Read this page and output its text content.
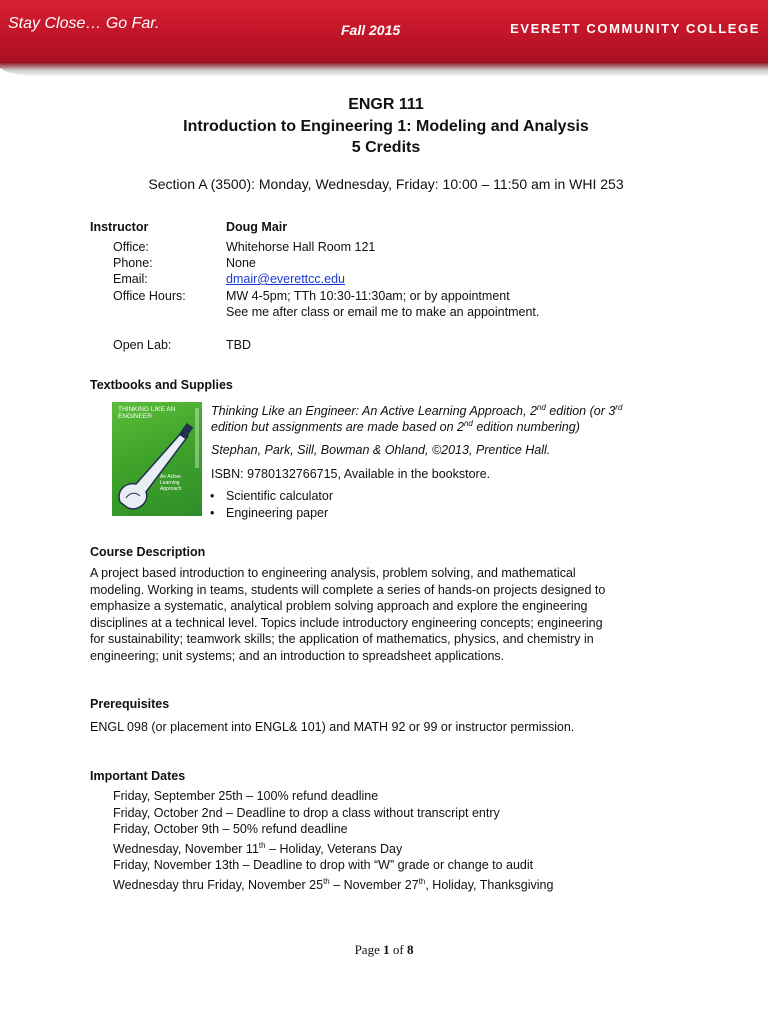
Stay Close… Go Far.	Fall 2015	EVERETT COMMUNITY COLLEGE
ENGR 111
Introduction to Engineering 1: Modeling and Analysis
5 Credits
Section A (3500): Monday, Wednesday, Friday: 10:00 – 11:50 am in WHI 253
Instructor	Doug Mair
Office:	Whitehorse Hall Room 121
Phone:	None
Email:	dmair@everettcc.edu
Office Hours:	MW 4-5pm; TTh 10:30-11:30am; or by appointment
See me after class or email me to make an appointment.
Open Lab:	TBD
Textbooks and Supplies
THINKING LIKE AN ENGINEER
An Active Learning Approach
Thinking Like an Engineer: An Active Learning Approach, 2nd edition (or 3rd
edition but assignments are made based on 2nd edition numbering)
Stephan, Park, Sill, Bowman & Ohland, ©2013, Prentice Hall.
ISBN: 9780132766715, Available in the bookstore.
• Scientific calculator
• Engineering paper
Course Description
A project based introduction to engineering analysis, problem solving, and mathematical
modeling. Working in teams, students will complete a series of hands-on projects designed to
emphasize a systematic, analytical problem solving approach and explore the engineering
disciplines at a technical level. Topics include introductory engineering concepts; engineering
for sustainability; teamwork skills; the application of mathematics, physics, and chemistry in
engineering; unit systems; and an introduction to spreadsheet applications.
Prerequisites
ENGL 098 (or placement into ENGL& 101) and MATH 92 or 99 or instructor permission.
Important Dates
Friday, September 25th – 100% refund deadline
Friday, October 2nd – Deadline to drop a class without transcript entry
Friday, October 9th – 50% refund deadline
Wednesday, November 11th – Holiday, Veterans Day
Friday, November 13th – Deadline to drop with “W” grade or change to audit
Wednesday thru Friday, November 25th – November 27th, Holiday, Thanksgiving
Page 1 of 8
